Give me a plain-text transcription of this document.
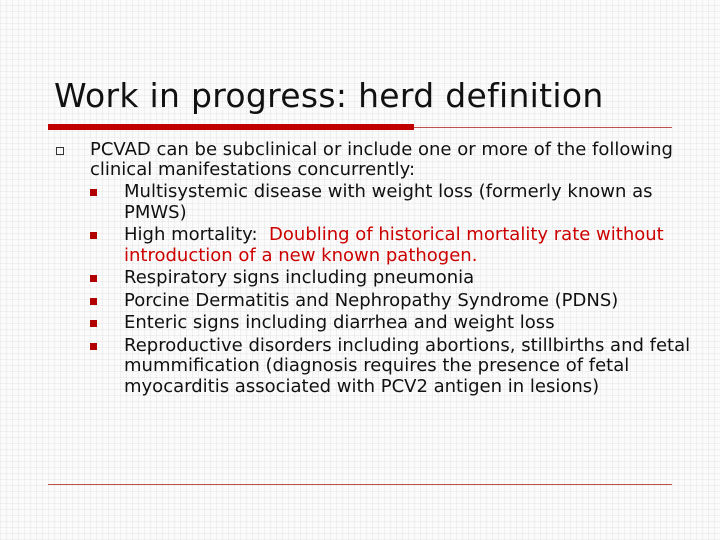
Work in progress: herd definition
PCVAD can be subclinical or include one or more of the following clinical manifestations concurrently:
Multisystemic disease with weight loss (formerly known as PMWS)
High mortality:  Doubling of historical mortality rate without introduction of a new known pathogen.
Respiratory signs including pneumonia
Porcine Dermatitis and Nephropathy Syndrome (PDNS)
Enteric signs including diarrhea and weight loss
Reproductive disorders including abortions, stillbirths and fetal mummification (diagnosis requires the presence of fetal myocarditis associated with PCV2 antigen in lesions)
